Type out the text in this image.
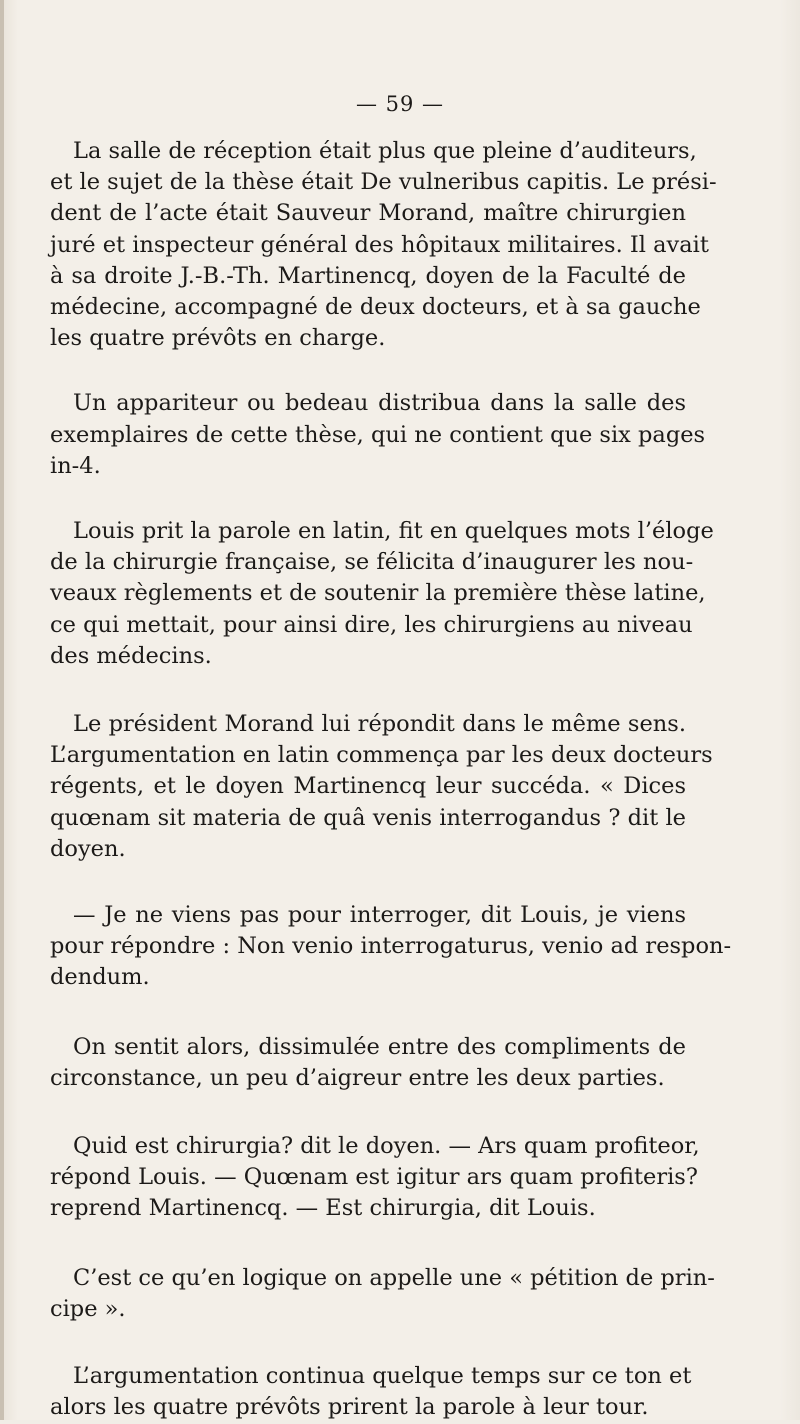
— 59 —

La salle de réception était plus que pleine d’auditeurs,
et le sujet de la thèse était De vulneribus capitis. Le prési-
dent de l’acte était Sauveur Morand, maître chirurgien
juré et inspecteur général des hôpitaux militaires. Il avait
à sa droite J.-B.-Th. Martinencq, doyen de la Faculté de
médecine, accompagné de deux docteurs, et à sa gauche
les quatre prévôts en charge.

Un appariteur ou bedeau distribua dans la salle des
exemplaires de cette thèse, qui ne contient que six pages
in-4.

Louis prit la parole en latin, fit en quelques mots l’éloge
de la chirurgie française, se félicita d’inaugurer les nou-
veaux règlements et de soutenir la première thèse latine,
ce qui mettait, pour ainsi dire, les chirurgiens au niveau
des médecins.

Le président Morand lui répondit dans le même sens.
L’argumentation en latin commença par les deux docteurs
régents, et le doyen Martinencq leur succéda. « Dices
quœnam sit materia de quâ venis interrogandus ? dit le
doyen.

— Je ne viens pas pour interroger, dit Louis, je viens
pour répondre : Non venio interrogaturus, venio ad respon-
dendum.

On sentit alors, dissimulée entre des compliments de
circonstance, un peu d’aigreur entre les deux parties.

Quid est chirurgia? dit le doyen. — Ars quam profiteor,
répond Louis. — Quœnam est igitur ars quam profiteris?
reprend Martinencq. — Est chirurgia, dit Louis.

C’est ce qu’en logique on appelle une « pétition de prin-
cipe ».

L’argumentation continua quelque temps sur ce ton et
alors les quatre prévôts prirent la parole à leur tour.
